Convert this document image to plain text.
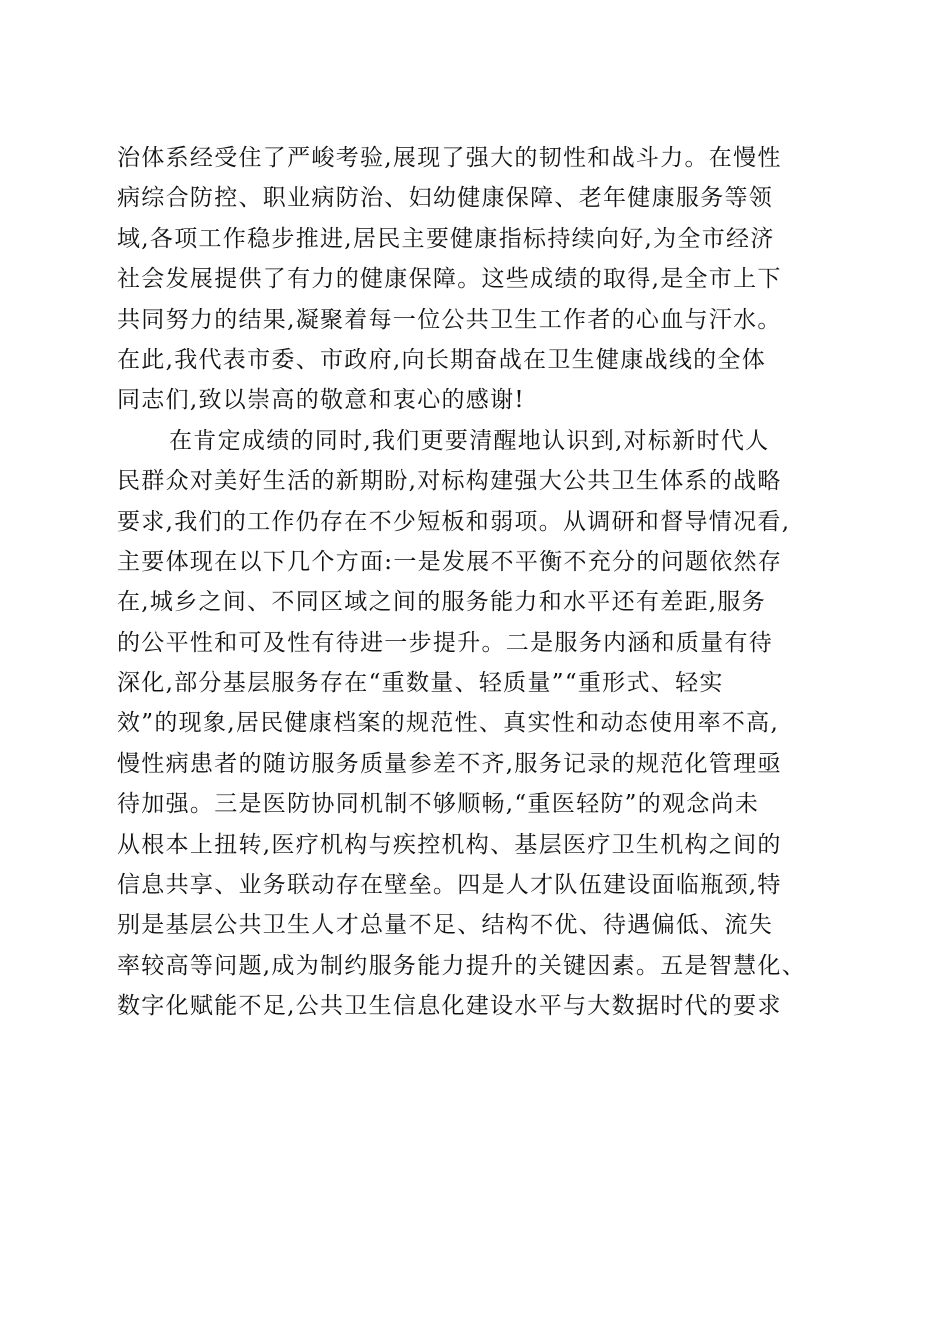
治体系经受住了严峻考验,展现了强大的韧性和战斗力。在慢性
病综合防控、职业病防治、妇幼健康保障、老年健康服务等领
域,各项工作稳步推进,居民主要健康指标持续向好,为全市经济
社会发展提供了有力的健康保障。这些成绩的取得,是全市上下
共同努力的结果,凝聚着每一位公共卫生工作者的心血与汗水。
在此,我代表市委、市政府,向长期奋战在卫生健康战线的全体
同志们,致以崇高的敬意和衷心的感谢!
在肯定成绩的同时,我们更要清醒地认识到,对标新时代人
民群众对美好生活的新期盼,对标构建强大公共卫生体系的战略
要求,我们的工作仍存在不少短板和弱项。从调研和督导情况看,
主要体现在以下几个方面:一是发展不平衡不充分的问题依然存
在,城乡之间、不同区域之间的服务能力和水平还有差距,服务
的公平性和可及性有待进一步提升。二是服务内涵和质量有待
深化,部分基层服务存在“重数量、轻质量”“重形式、轻实
效”的现象,居民健康档案的规范性、真实性和动态使用率不高,
慢性病患者的随访服务质量参差不齐,服务记录的规范化管理亟
待加强。三是医防协同机制不够顺畅,“重医轻防”的观念尚未
从根本上扭转,医疗机构与疾控机构、基层医疗卫生机构之间的
信息共享、业务联动存在壁垒。四是人才队伍建设面临瓶颈,特
别是基层公共卫生人才总量不足、结构不优、待遇偏低、流失
率较高等问题,成为制约服务能力提升的关键因素。五是智慧化、
数字化赋能不足,公共卫生信息化建设水平与大数据时代的要求
